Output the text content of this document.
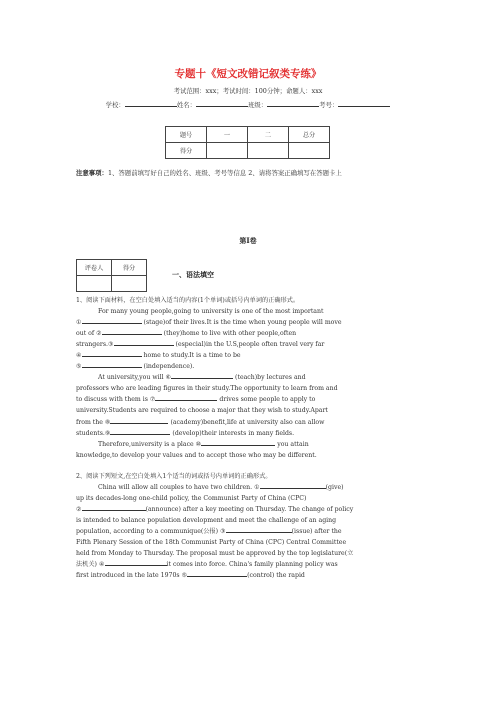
专题十《短文改错记叙类专练》
考试范围：xxx；考试时间：100分钟；命题人：xxx
学校：	姓名：	班级：	考号：
题号	一	二	总分
得分			
注意事项：1、答题前填写好自己的姓名、班级、考号等信息 2、请将答案正确填写在答题卡上
第I卷
评卷人	得分

一、语法填空

1、阅读下面材料，在空白处填入适当的内容(1个单词)或括号内单词的正确形式。

For many young people,going to university is one of the most important
①	(stage)of their lives.It is the time when young people will move
out of ②	(they)home to live with other people,often
strangers.③	(especial)in the U.S,people often travel very far
④	home to study.It is a time to be
⑤	(independence).

At university,you will ⑥	(teach)by lectures and
professors who are leading figures in their study.The opportunity to learn from and
to discuss with them is ⑦	drives some people to apply to
university.Students are required to choose a major that they wish to study.Apart
from the ⑧	(academy)benefit,life at university also can allow
students.⑨	(develop)their interests in many fields.

Therefore,university is a place ⑩	you attain
knowledge,to develop your values and to accept those who may be different.

2、阅读下列短文,在空白处填入1个适当的词或括号内单词的正确形式。

China will allow all couples to have two children. ①	(give)
up its decades-long one-child policy, the Communist Party of China (CPC)
②	(announce) after a key meeting on Thursday. The change of policy
is intended to balance population development and meet the challenge of an aging
population, according to a communique(公报) ③	(issue) after the
Fifth Plenary Session of the 18th Communist Party of China (CPC) Central Committee
held from Monday to Thursday. The proposal must be approved by the top legislature(立
法机关) ④	it comes into force. China's family planning policy was
first introduced in the late 1970s ⑤	(control) the rapid
